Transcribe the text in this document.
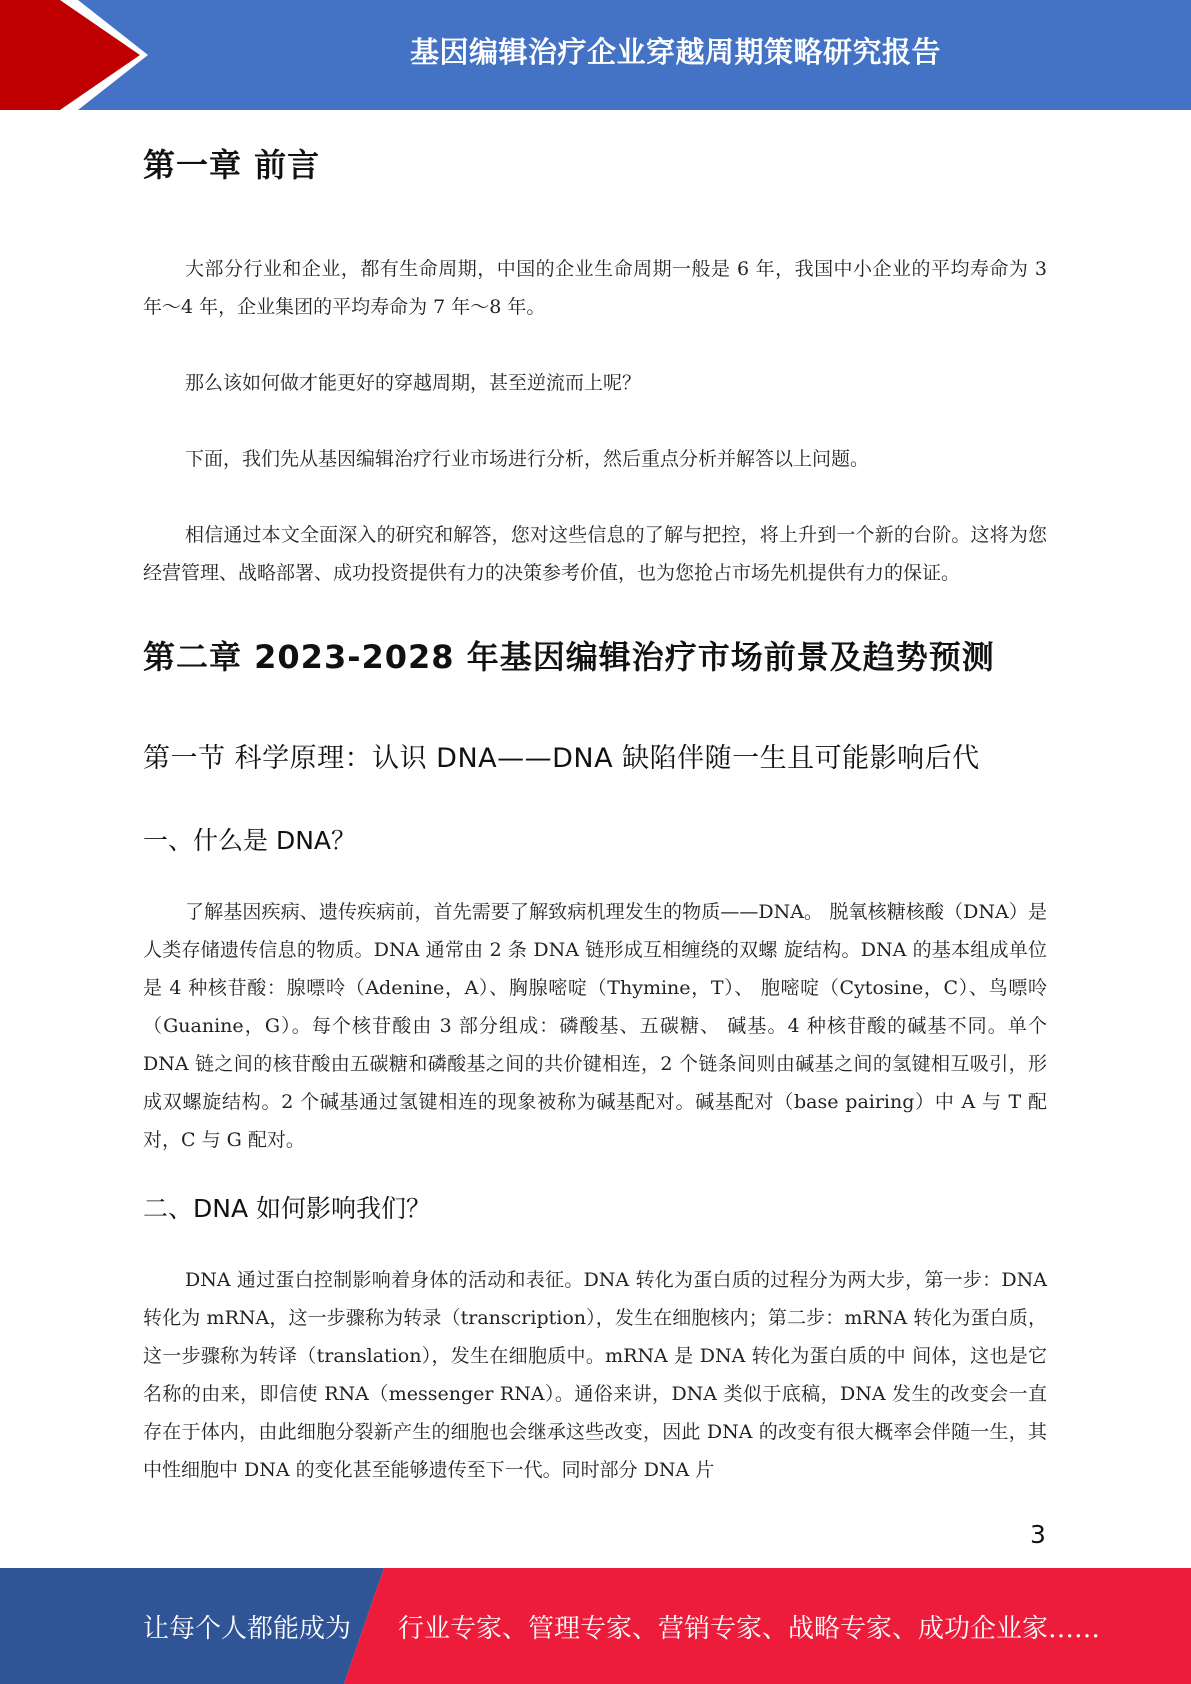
基因编辑治疗企业穿越周期策略研究报告
第一章 前言

大部分行业和企业，都有生命周期，中国的企业生命周期一般是 6 年，我国中小企业的平均寿命为 3 年～4 年，企业集团的平均寿命为 7 年～8 年。

那么该如何做才能更好的穿越周期，甚至逆流而上呢？

下面，我们先从基因编辑治疗行业市场进行分析，然后重点分析并解答以上问题。

相信通过本文全面深入的研究和解答，您对这些信息的了解与把控，将上升到一个新的台阶。这将为您经营管理、战略部署、成功投资提供有力的决策参考价值，也为您抢占市场先机提供有力的保证。

第二章 2023-2028 年基因编辑治疗市场前景及趋势预测
第一节 科学原理：认识 DNA——DNA 缺陷伴随一生且可能影响后代
一、什么是 DNA？

了解基因疾病、遗传疾病前，首先需要了解致病机理发生的物质——DNA。 脱氧核糖核酸（DNA）是人类存储遗传信息的物质。DNA 通常由 2 条 DNA 链形成互相缠绕的双螺 旋结构。DNA 的基本组成单位是 4 种核苷酸：腺嘌呤（Adenine，A）、胸腺嘧啶（Thymine，T）、 胞嘧啶（Cytosine，C）、鸟嘌呤（Guanine，G）。每个核苷酸由 3 部分组成：磷酸基、五碳糖、 碱基。4 种核苷酸的碱基不同。单个 DNA 链之间的核苷酸由五碳糖和磷酸基之间的共价键相连，2 个链条间则由碱基之间的氢键相互吸引，形成双螺旋结构。2 个碱基通过氢键相连的现象被称为碱基配对。碱基配对（base pairing）中 A 与 T 配对，C 与 G 配对。

二、DNA 如何影响我们？

DNA 通过蛋白控制影响着身体的活动和表征。DNA 转化为蛋白质的过程分为两大步，第一步：DNA 转化为 mRNA，这一步骤称为转录（transcription），发生在细胞核内；第二步：mRNA 转化为蛋白质，这一步骤称为转译（translation），发生在细胞质中。mRNA 是 DNA 转化为蛋白质的中 间体，这也是它名称的由来，即信使 RNA（messenger RNA）。通俗来讲，DNA 类似于底稿，DNA 发生的改变会一直存在于体内，由此细胞分裂新产生的细胞也会继承这些改变，因此 DNA 的改变有很大概率会伴随一生，其中性细胞中 DNA 的变化甚至能够遗传至下一代。同时部分 DNA 片

3
让每个人都能成为 行业专家、管理专家、营销专家、战略专家、成功企业家……
